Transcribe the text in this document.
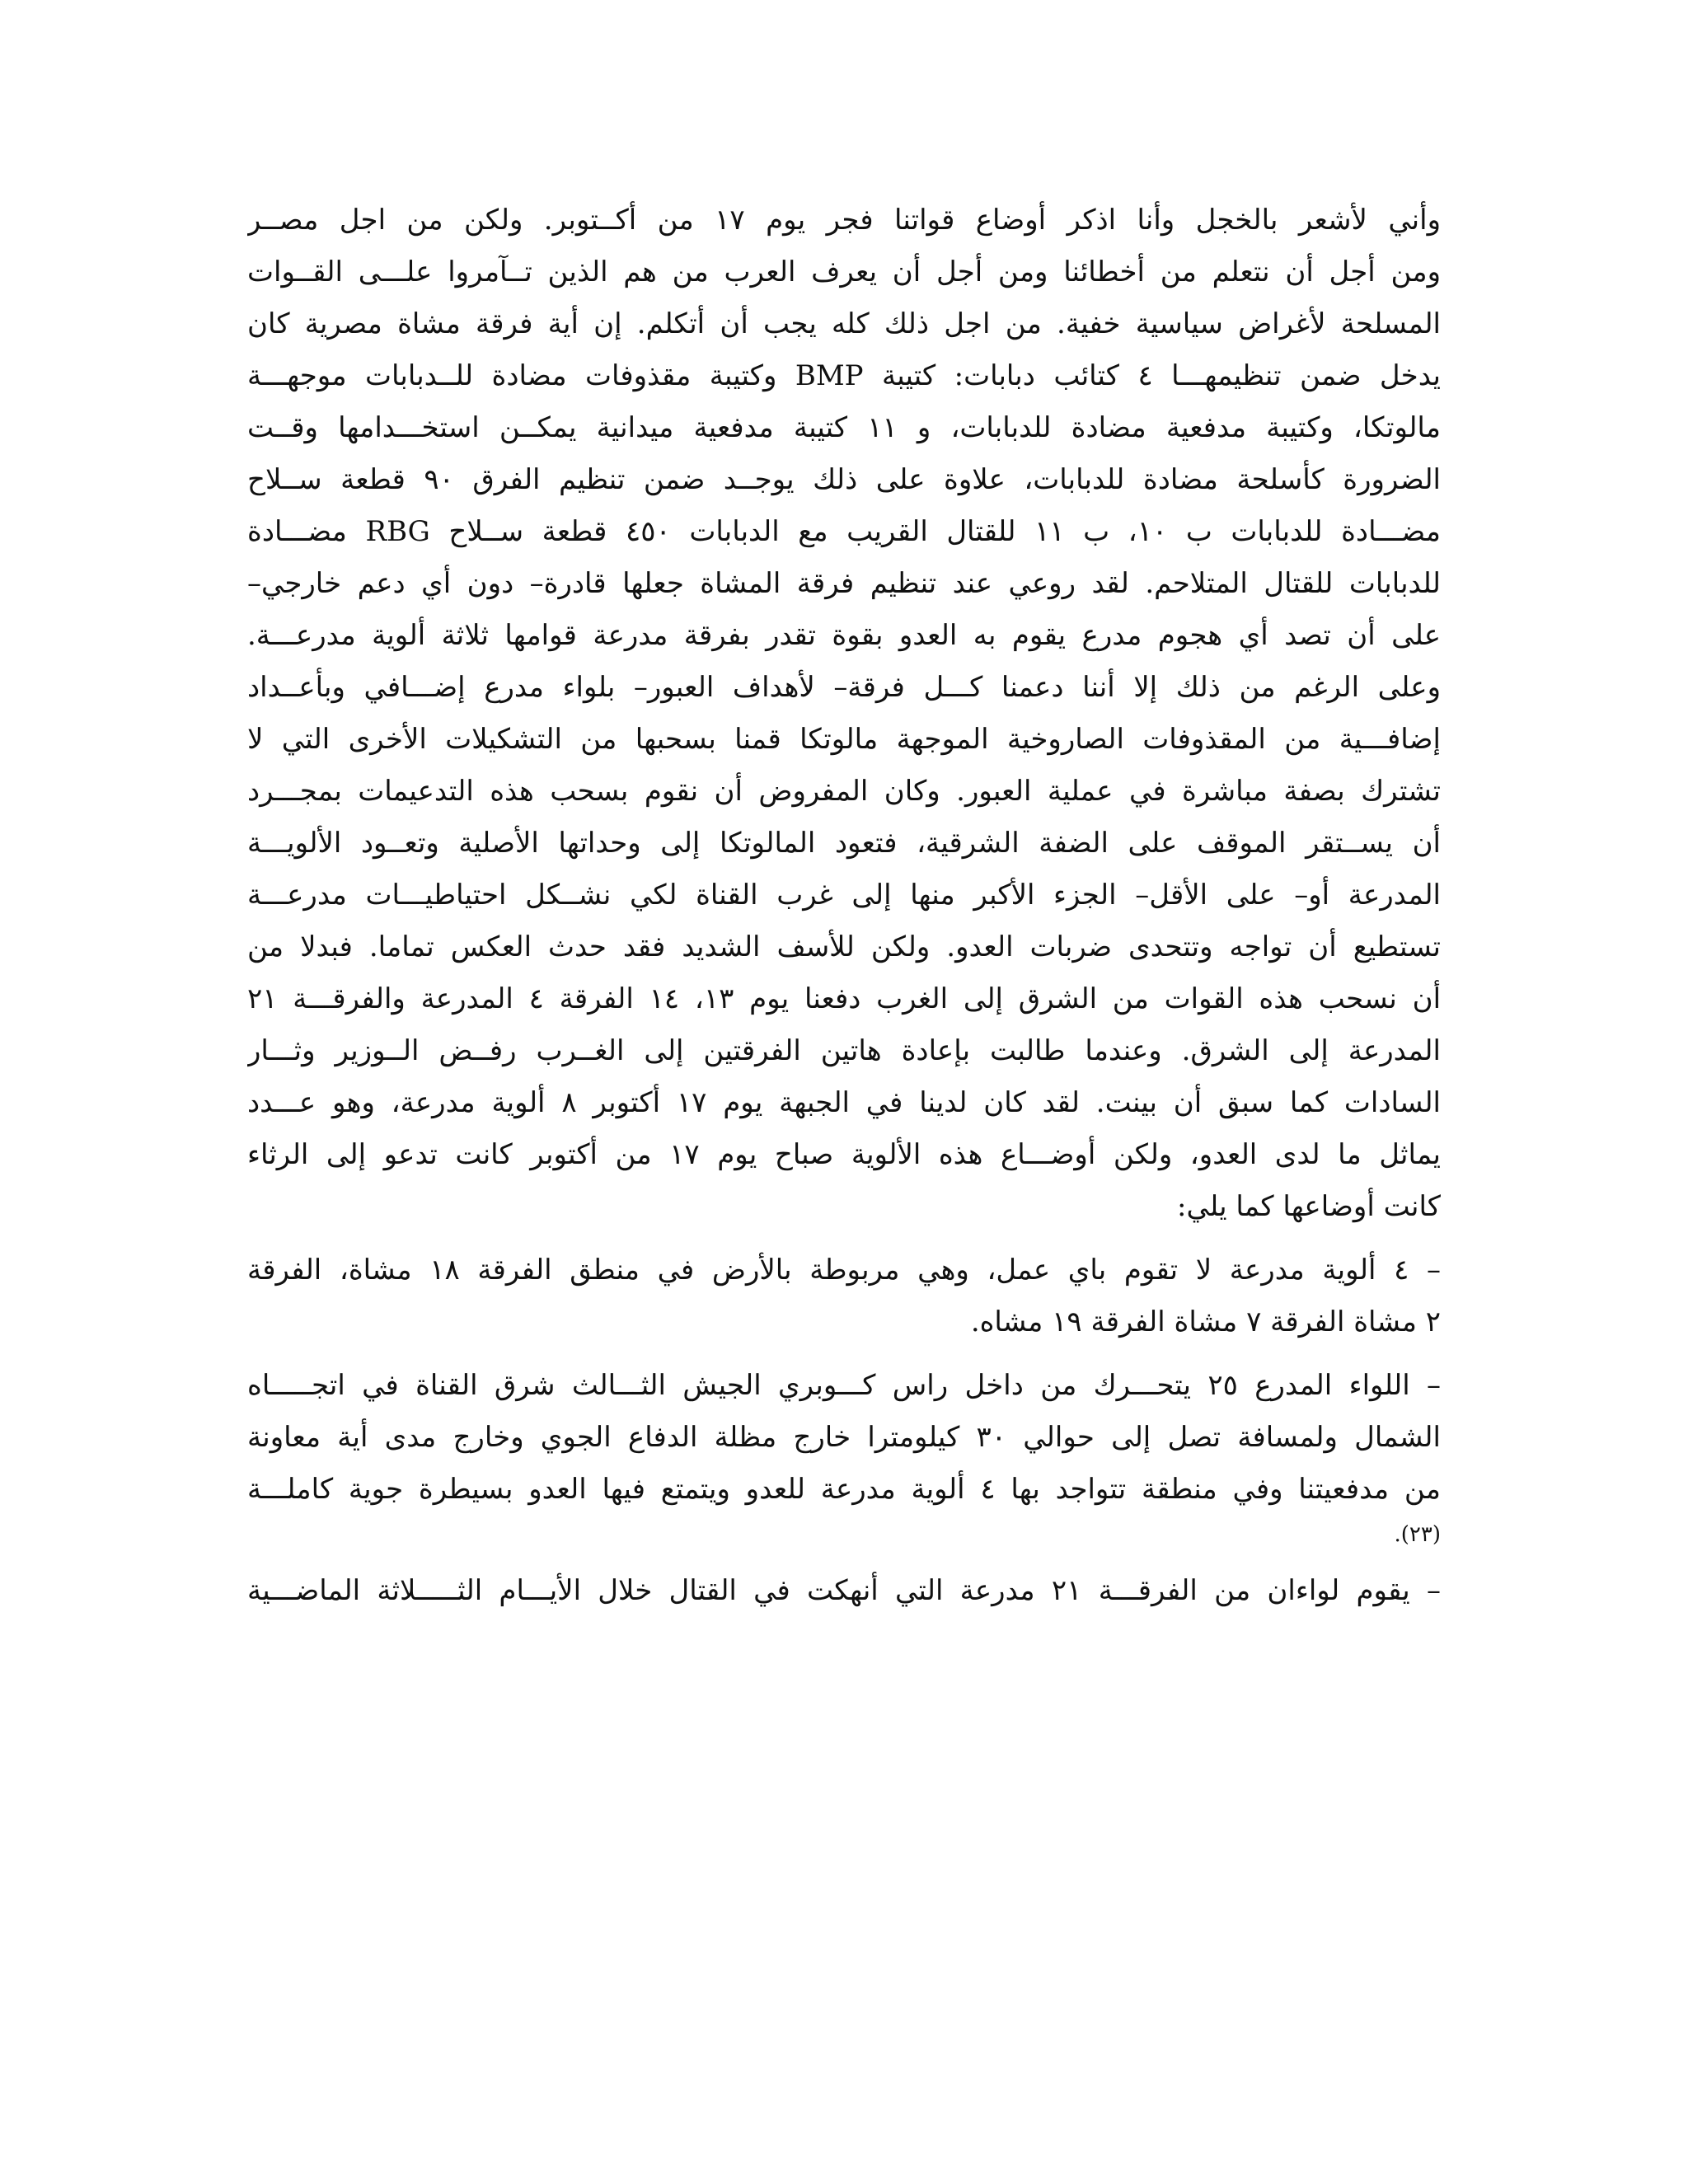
وأني لأشعر بالخجل وأنا اذكر أوضاع قواتنا فجر يوم ١٧ من أكــتوبر. ولكن من اجل مصــر
ومن أجل أن نتعلم من أخطائنا ومن أجل أن يعرف العرب من هم الذين تــآمروا علـــى القــوات
المسلحة لأغراض سياسية خفية. من اجل ذلك كله يجب أن أتكلم. إن أية فرقة مشاة مصرية كان
يدخل ضمن تنظيمهـــا ٤ كتائب دبابات: كتيبة BMP وكتيبة مقذوفات مضادة للــدبابات موجهـــة
مالوتكا، وكتيبة مدفعية مضادة للدبابات، و ١١ كتيبة مدفعية ميدانية يمكــن استخـــدامها وقــت
الضرورة كأسلحة مضادة للدبابات، علاوة على ذلك يوجــد ضمن تنظيم الفرق ٩٠ قطعة ســلاح
مضـــادة للدبابات ب ١٠، ب ١١ للقتال القريب مع الدبابات ٤٥٠ قطعة ســلاح RBG مضـــادة
للدبابات للقتال المتلاحم. لقد روعي عند تنظيم فرقة المشاة جعلها قادرة– دون أي دعم خارجي–
على أن تصد أي هجوم مدرع يقوم به العدو بقوة تقدر بفرقة مدرعة قوامها ثلاثة ألوية مدرعـــة.
وعلى الرغم من ذلك إلا أننا دعمنا كـــل فرقة– لأهداف العبور– بلواء مدرع إضـــافي وبأعــداد
إضافـــية من المقذوفات الصاروخية الموجهة مالوتكا قمنا بسحبها من التشكيلات الأخرى التي لا
تشترك بصفة مباشرة في عملية العبور. وكان المفروض أن نقوم بسحب هذه التدعيمات بمجـــرد
أن يســتقر الموقف على الضفة الشرقية، فتعود المالوتكا إلى وحداتها الأصلية وتعــود الألويـــة
المدرعة أو– على الأقل– الجزء الأكبر منها إلى غرب القناة لكي نشــكل احتياطيـــات مدرعـــة
تستطيع أن تواجه وتتحدى ضربات العدو. ولكن للأسف الشديد فقد حدث العكس تماما. فبدلا من
أن نسحب هذه القوات من الشرق إلى الغرب دفعنا يوم ١٣، ١٤ الفرقة ٤ المدرعة والفرقـــة ٢١
المدرعة إلى الشرق. وعندما طالبت بإعادة هاتين الفرقتين إلى الغــرب رفــض الــوزير وثـــار
السادات كما سبق أن بينت. لقد كان لدينا في الجبهة يوم ١٧ أكتوبر ٨ ألوية مدرعة، وهو عـــدد
يماثل ما لدى العدو، ولكن أوضـــاع هذه الألوية صباح يوم ١٧ من أكتوبر كانت تدعو إلى الرثاء
كانت أوضاعها كما يلي:
– ٤ ألوية مدرعة لا تقوم باي عمل، وهي مربوطة بالأرض في منطق الفرقة ١٨ مشاة، الفرقة
٢ مشاة الفرقة ٧ مشاة الفرقة ١٩ مشاه.
– اللواء المدرع ٢٥ يتحـــرك من داخل راس كـــوبري الجيش الثـــالث شرق القناة في اتجـــــاه
الشمال ولمسافة تصل إلى حوالي ٣٠ كيلومترا خارج مظلة الدفاع الجوي وخارج مدى أية معاونة
من مدفعيتنا وفي منطقة تتواجد بها ٤ ألوية مدرعة للعدو ويتمتع فيها العدو بسيطرة جوية كاملـــة
(٢٣).
– يقوم لواءان من الفرقـــة ٢١ مدرعة التي أنهكت في القتال خلال الأيـــام الثـــــلاثة الماضـــية
